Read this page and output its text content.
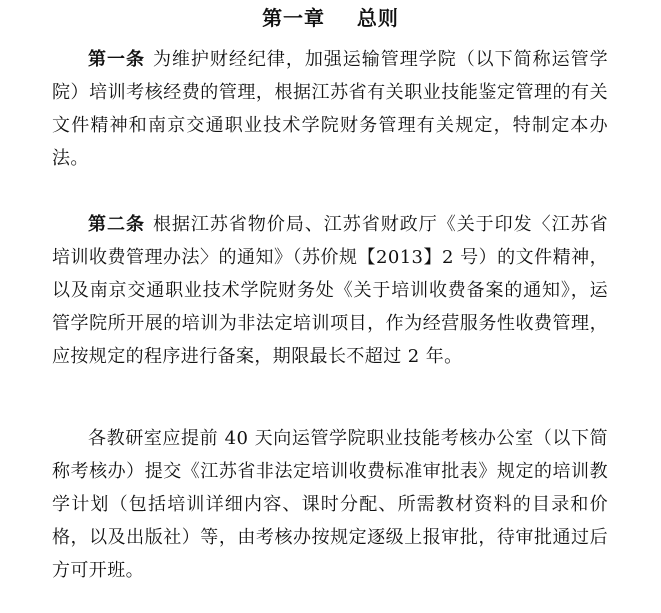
第一章    总则

第一条 为维护财经纪律，加强运输管理学院（以下简称运管学院）培训考核经费的管理，根据江苏省有关职业技能鉴定管理的有关文件精神和南京交通职业技术学院财务管理有关规定，特制定本办法。

第二条 根据江苏省物价局、江苏省财政厅《关于印发〈江苏省培训收费管理办法〉的通知》（苏价规【2013】2 号）的文件精神，以及南京交通职业技术学院财务处《关于培训收费备案的通知》，运管学院所开展的培训为非法定培训项目，作为经营服务性收费管理，应按规定的程序进行备案，期限最长不超过 2 年。

各教研室应提前 40 天向运管学院职业技能考核办公室（以下简称考核办）提交《江苏省非法定培训收费标准审批表》规定的培训教学计划（包括培训详细内容、课时分配、所需教材资料的目录和价格，以及出版社）等，由考核办按规定逐级上报审批，待审批通过后方可开班。
